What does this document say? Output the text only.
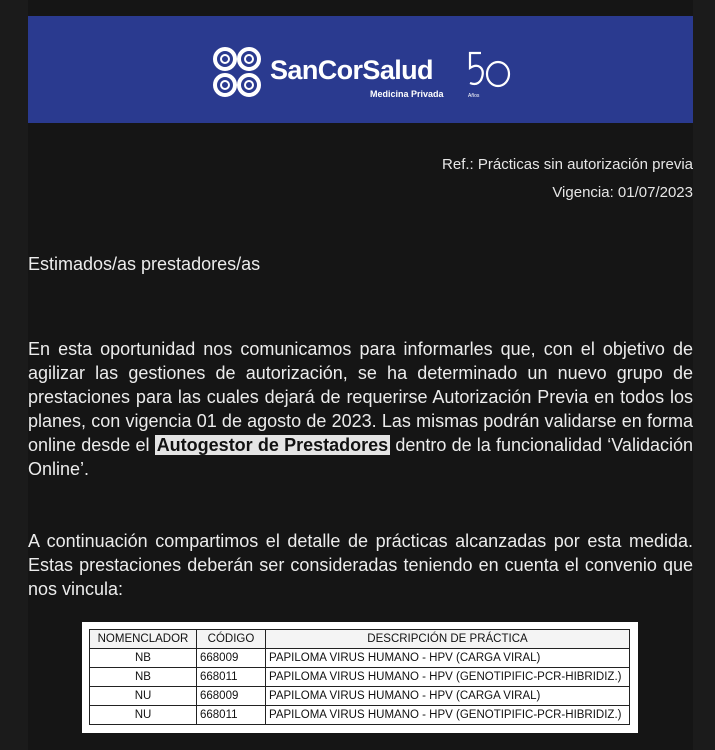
SanCorSalud
Medicina Privada	Años
Ref.: Prácticas sin autorización previa
Vigencia: 01/07/2023
Estimados/as prestadores/as
En esta oportunidad nos comunicamos para informarles que, con el objetivo de agilizar las gestiones de autorización, se ha determinado un nuevo grupo de prestaciones para las cuales dejará de requerirse Autorización Previa en todos los planes, con vigencia 01 de agosto de 2023. Las mismas podrán validarse en forma online desde el Autogestor de Prestadores dentro de la funcionalidad ‘Validación Online’.
A continuación compartimos el detalle de prácticas alcanzadas por esta medida. Estas prestaciones deberán ser consideradas teniendo en cuenta el convenio que nos vincula:
NOMENCLADOR	CÓDIGO	DESCRIPCIÓN DE PRÁCTICA
NB	668009	PAPILOMA VIRUS HUMANO - HPV (CARGA VIRAL)
NB	668011	PAPILOMA VIRUS HUMANO - HPV (GENOTIPIFIC-PCR-HIBRIDIZ.)
NU	668009	PAPILOMA VIRUS HUMANO - HPV (CARGA VIRAL)
NU	668011	PAPILOMA VIRUS HUMANO - HPV (GENOTIPIFIC-PCR-HIBRIDIZ.)
